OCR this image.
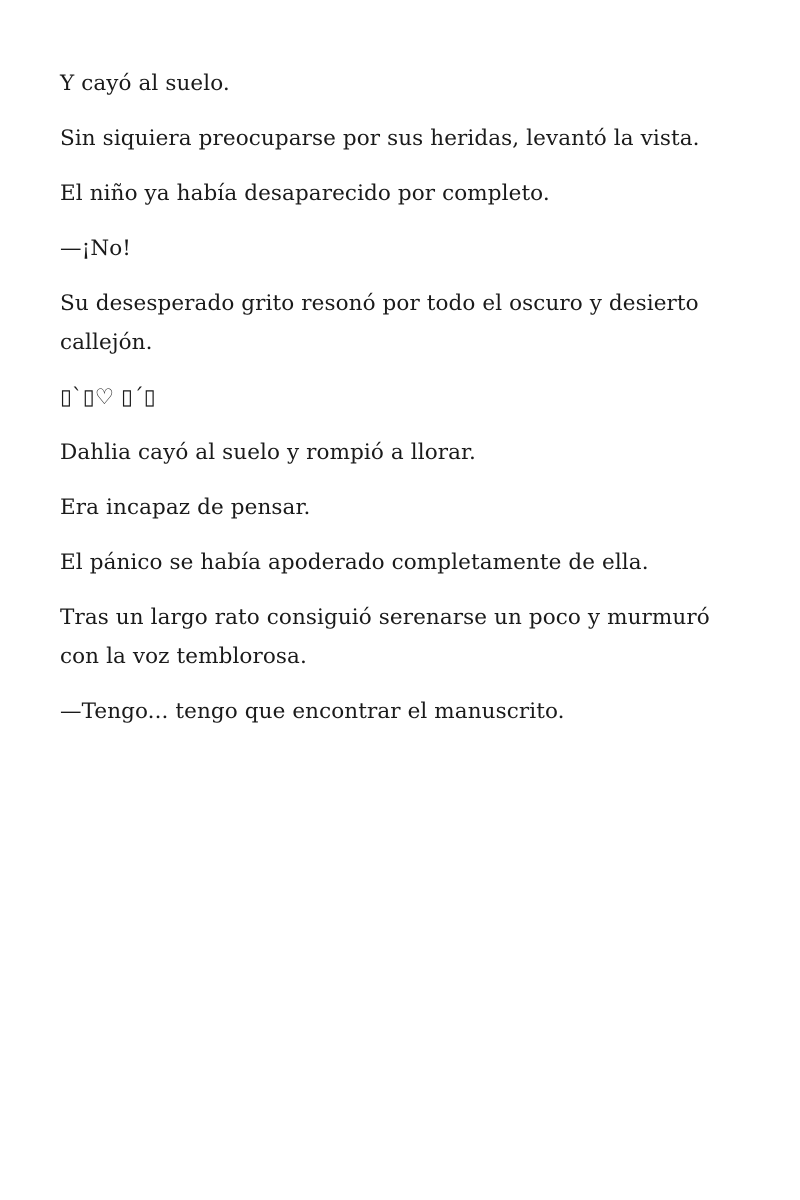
Y cayó al suelo.

Sin siquiera preocuparse por sus heridas, levantó la vista.

El niño ya había desaparecido por completo.

—¡No!

Su desesperado grito resonó por todo el oscuro y desierto callejón.

▯`▯♡ ▯´▯

Dahlia cayó al suelo y rompió a llorar.

Era incapaz de pensar.

El pánico se había apoderado completamente de ella.

Tras un largo rato consiguió serenarse un poco y murmuró con la voz temblorosa.

—Tengo... tengo que encontrar el manuscrito.
